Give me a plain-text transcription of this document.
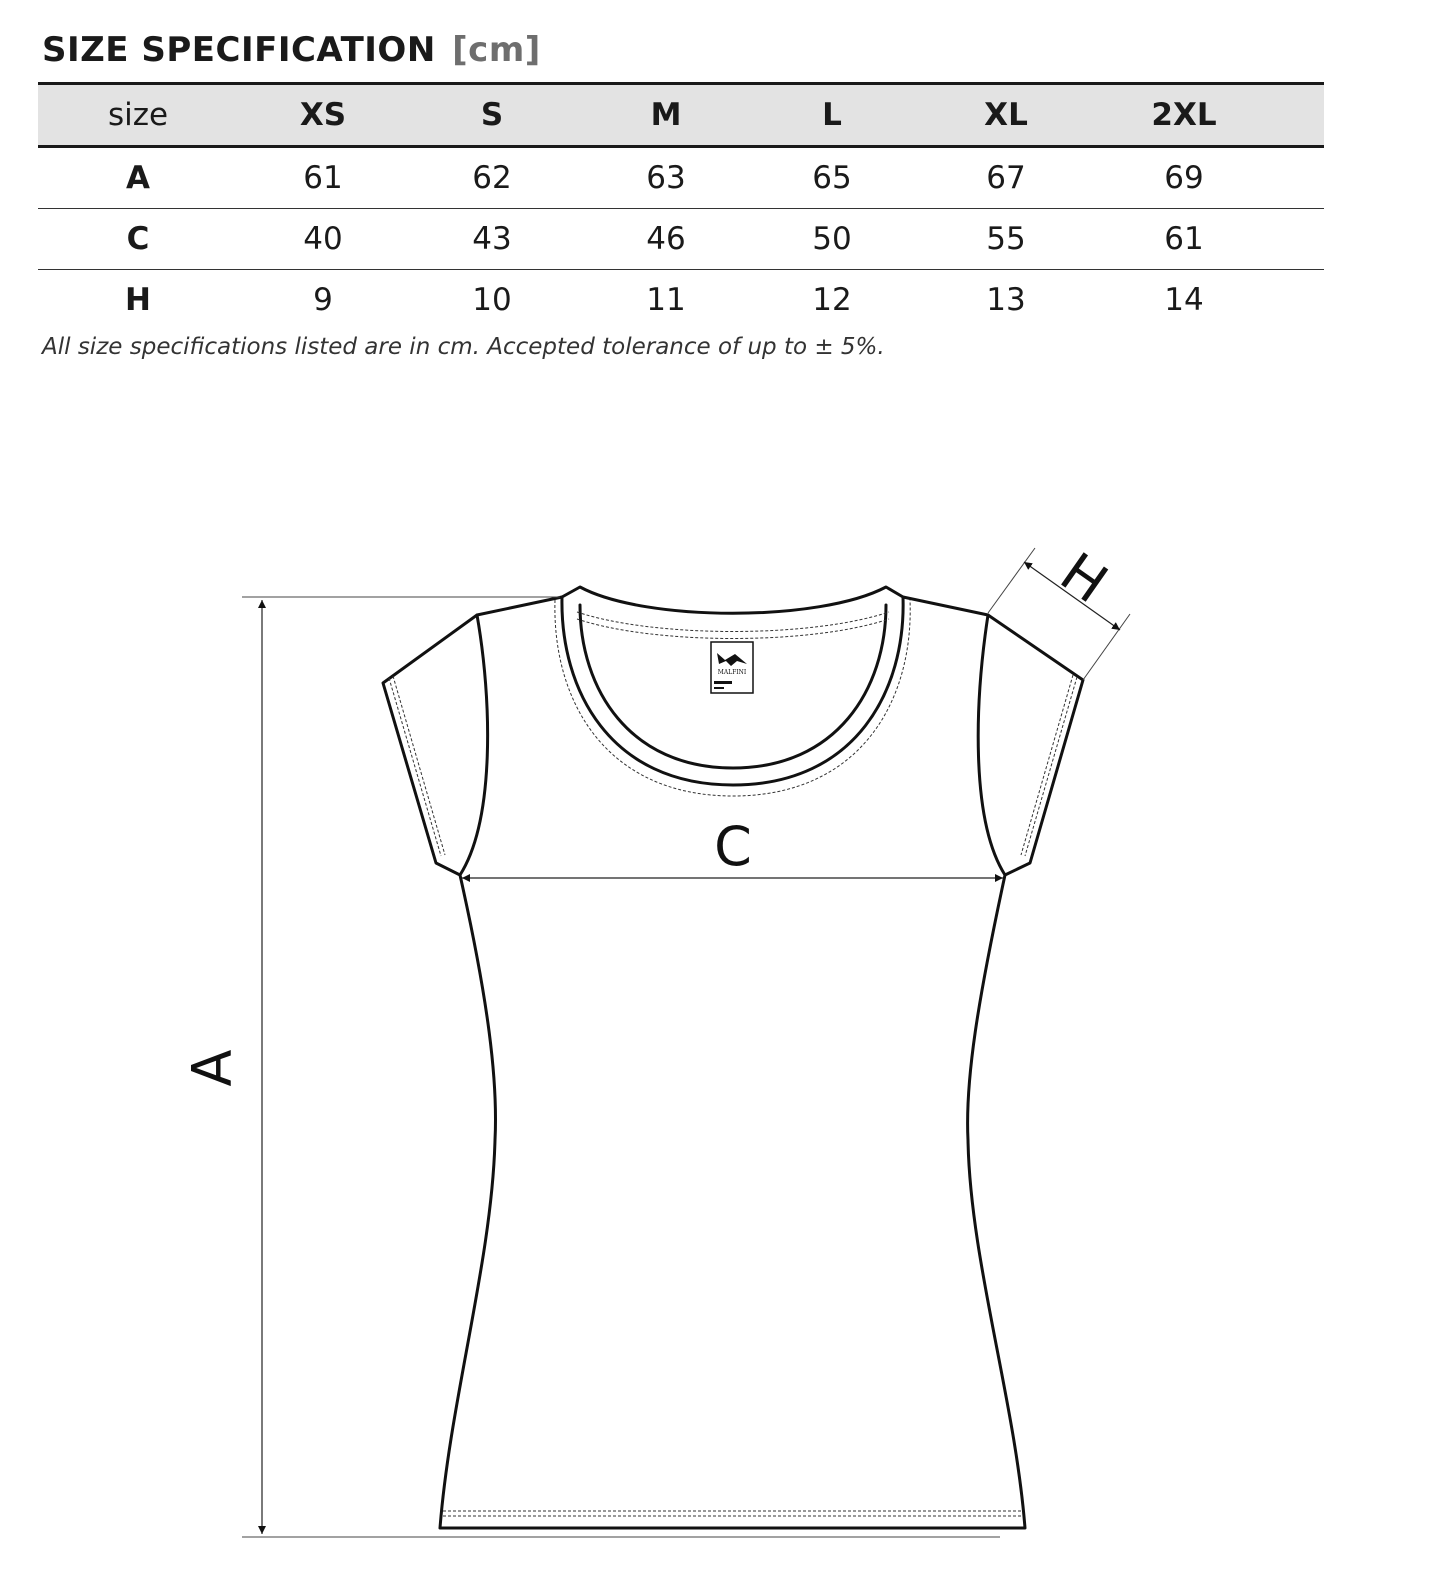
SIZE SPECIFICATION [cm]
size	XS	S	M	L	XL	2XL	
A	61	62	63	65	67	69	
C	40	43	46	50	55	61	
H	9	10	11	12	13	14	
All size specifications listed are in cm. Accepted tolerance of up to ± 5%.
MALFINI
A
C
H
